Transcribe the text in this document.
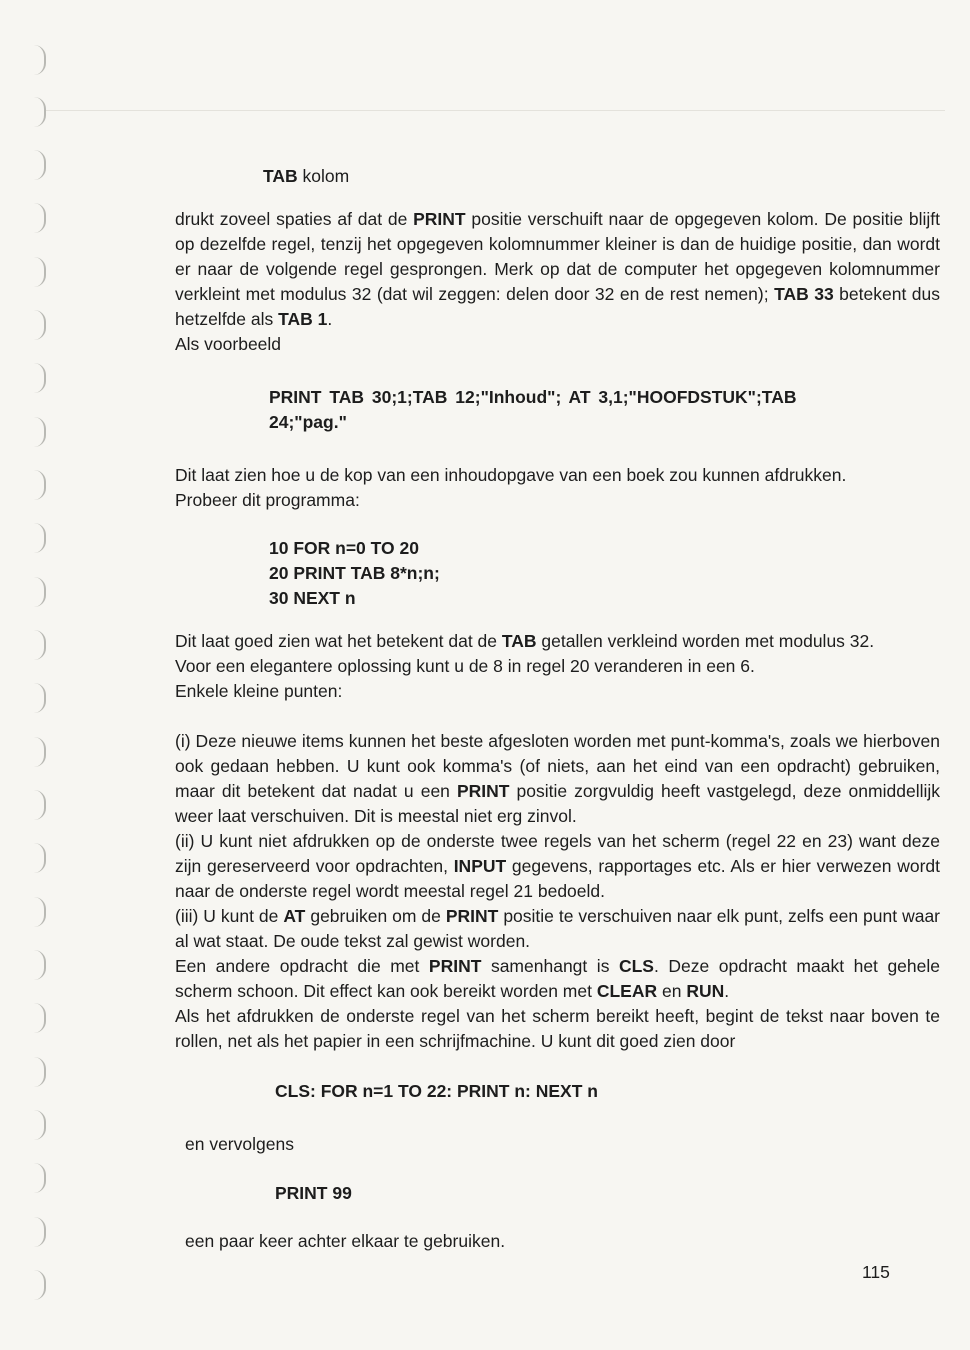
TAB kolom

drukt zoveel spaties af dat de PRINT positie verschuift naar de opgegeven kolom. De positie blijft op dezelfde regel, tenzij het opgegeven kolomnummer kleiner is dan de huidige positie, dan wordt er naar de volgende regel gesprongen. Merk op dat de computer het opgegeven kolomnummer verkleint met modulus 32 (dat wil zeggen: delen door 32 en de rest nemen); TAB 33 betekent dus hetzelfde als TAB 1.

Als voorbeeld

PRINT TAB 30;1;TAB 12;"Inhoud"; AT 3,1;"HOOFDSTUK";TAB
24;"pag."

Dit laat zien hoe u de kop van een inhoudopgave van een boek zou kunnen afdrukken.

Probeer dit programma:

10 FOR n=0 TO 20
20 PRINT TAB 8*n;n;
30 NEXT n

Dit laat goed zien wat het betekent dat de TAB getallen verkleind worden met modulus 32.

Voor een elegantere oplossing kunt u de 8 in regel 20 veranderen in een 6.

Enkele kleine punten:

(i) Deze nieuwe items kunnen het beste afgesloten worden met punt-komma's, zoals we hierboven ook gedaan hebben. U kunt ook komma's (of niets, aan het eind van een opdracht) gebruiken, maar dit betekent dat nadat u een PRINT positie zorgvuldig heeft vastgelegd, deze onmiddellijk weer laat verschuiven. Dit is meestal niet erg zinvol.

(ii) U kunt niet afdrukken op de onderste twee regels van het scherm (regel 22 en 23) want deze zijn gereserveerd voor opdrachten, INPUT gegevens, rapportages etc. Als er hier verwezen wordt naar de onderste regel wordt meestal regel 21 bedoeld.

(iii) U kunt de AT gebruiken om de PRINT positie te verschuiven naar elk punt, zelfs een punt waar al wat staat. De oude tekst zal gewist worden.

Een andere opdracht die met PRINT samenhangt is CLS. Deze opdracht maakt het gehele scherm schoon. Dit effect kan ook bereikt worden met CLEAR en RUN.

Als het afdrukken de onderste regel van het scherm bereikt heeft, begint de tekst naar boven te rollen, net als het papier in een schrijfmachine. U kunt dit goed zien door

CLS: FOR n=1 TO 22: PRINT n: NEXT n
en vervolgens
PRINT 99
een paar keer achter elkaar te gebruiken.
115
